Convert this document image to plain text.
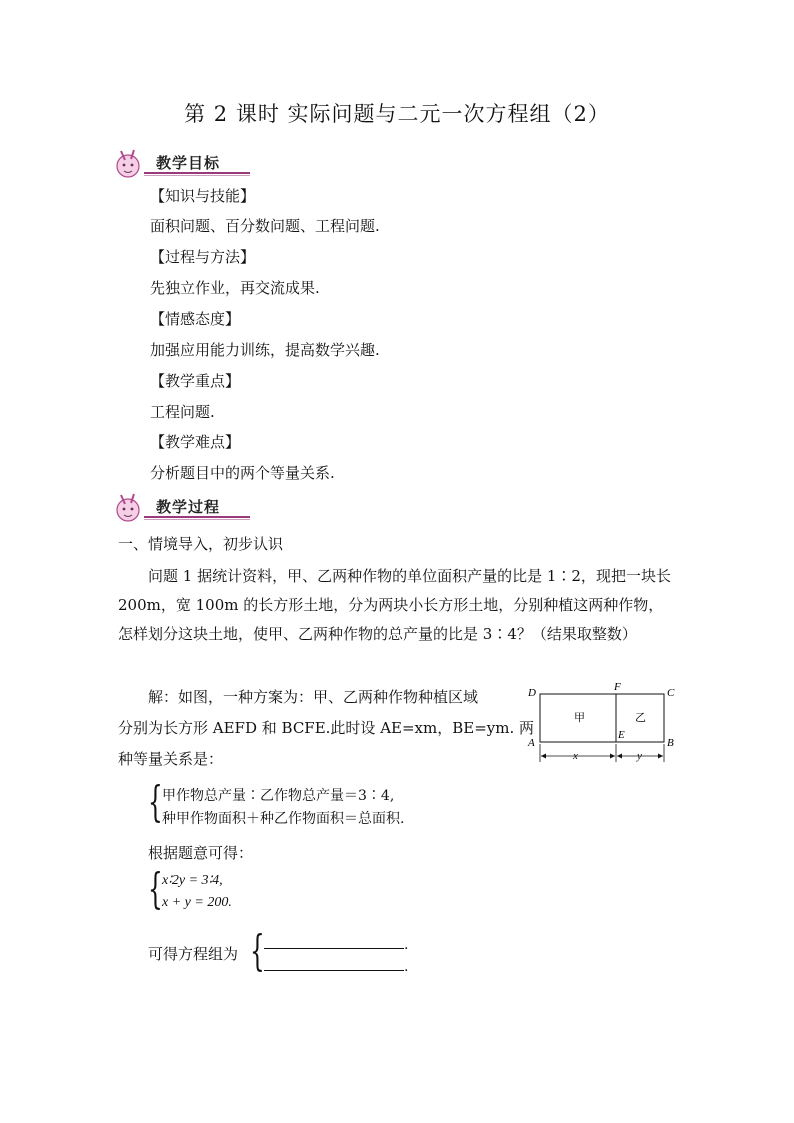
第 2 课时 实际问题与二元一次方程组（2）
教学目标
【知识与技能】
面积问题、百分数问题、工程问题.
【过程与方法】
先独立作业，再交流成果.
【情感态度】
加强应用能力训练，提高数学兴趣.
【教学重点】
工程问题.
【教学难点】
分析题目中的两个等量关系.
教学过程
一、情境导入，初步认识
问题 1 据统计资料，甲、乙两种作物的单位面积产量的比是 1∶2，现把一块长 200m，宽 100m 的长方形土地，分为两块小长方形土地，分别种植这两种作物，怎样划分这块土地，使甲、乙两种作物的总产量的比是 3∶4？（结果取整数）
解：如图，一种方案为：甲、乙两种作物种植区域
分别为长方形 AEFD 和 BCFE.此时设 AE=xm，BE=ym. 两
种等量关系是：
D	F	C
A
E
B
甲	乙
x	y
{ 甲作物总产量∶乙作物总产量＝3∶4,
种甲作物面积＋种乙作物面积＝总面积.
根据题意可得：
{ x∶2y = 3∶4,
x + y = 200.
可得方程组为 {	.
.
